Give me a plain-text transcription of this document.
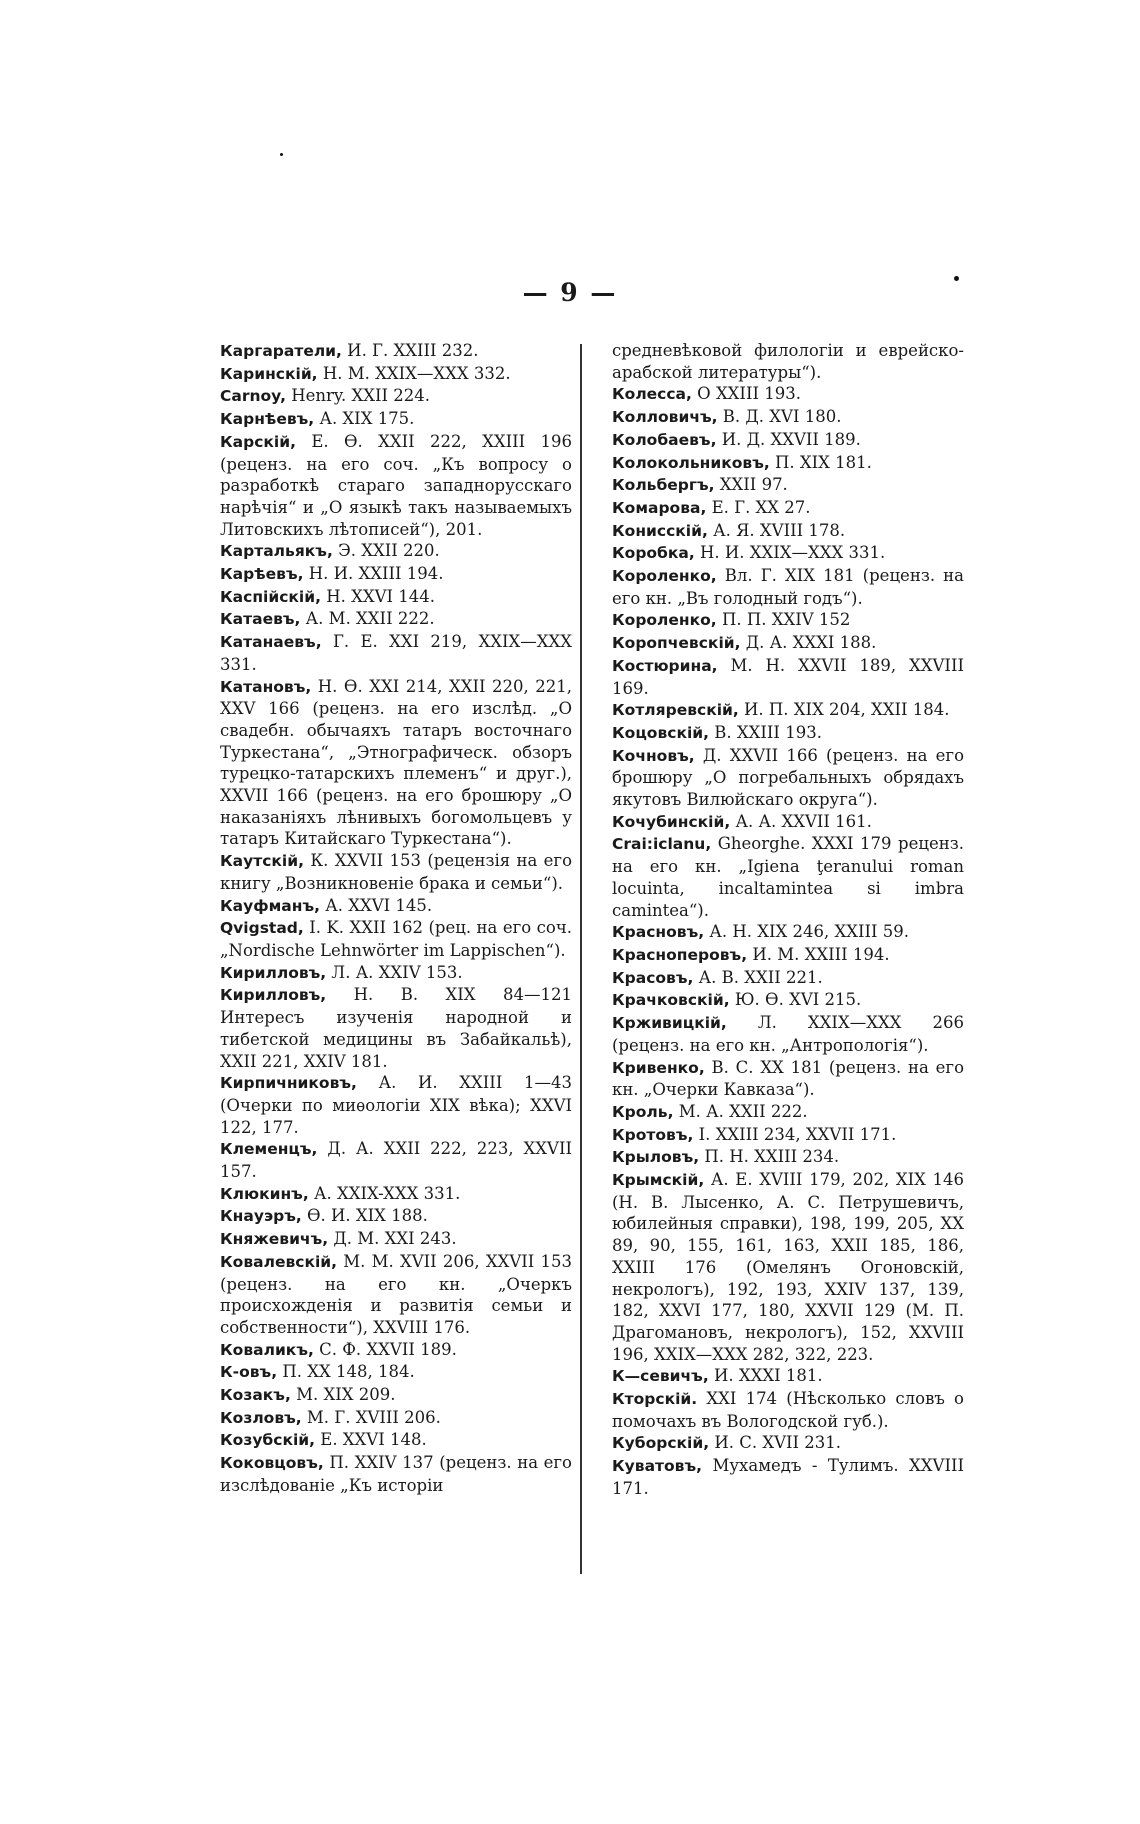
— 9 —

Каргаратели, И. Г. XXIII 232.

Каринскій, Н. М. XXIX—XXX 332.

Carnoy, Henry. XXII 224.

Карнѣевъ, А. XIX 175.

Карскій, Е. Ѳ. XXII 222, XXIII 196 (реценз. на его соч. „Къ вопросу о разработкѣ стараго западнорусскаго нарѣчія“ и „О языкѣ такъ называемыхъ Литовскихъ лѣтописей“), 201.

Картальякъ, Э. XXII 220.

Карѣевъ, Н. И. XXIII 194.

Каспійскій, Н. XXVI 144.

Катаевъ, А. М. XXII 222.

Катанаевъ, Г. Е. XXI 219, XXIX—XXX 331.

Катановъ, Н. Ѳ. XXI 214, XXII 220, 221, XXV 166 (реценз. на его изслѣд. „О свадебн. обычаяхъ татаръ восточнаго Туркестана“, „Этнографическ. обзоръ турецко-татарскихъ племенъ“ и друг.), XXVII 166 (реценз. на его брошюру „О наказаніяхъ лѣнивыхъ богомольцевъ у татаръ Китайскаго Туркестана“).

Каутскій, К. XXVII 153 (рецензія на его книгу „Возникновеніе брака и семьи“).

Кауфманъ, А. XXVI 145.

Qvigstad, I. K. XXII 162 (рец. на его соч. „Nordische Lehnwörter im Lappischen“).

Кирилловъ, Л. А. XXIV 153.

Кирилловъ, Н. В. XIX 84—121 Интересъ изученія народной и тибетской медицины въ Забайкальѣ), XXII 221, XXIV 181.

Кирпичниковъ, А. И. XXIII 1—43 (Очерки по миѳологіи XIX вѣка); XXVI 122, 177.

Клеменцъ, Д. А. XXII 222, 223, XXVII 157.

Клюкинъ, А. XXIX-XXX 331.

Кнауэръ, Ѳ. И. XIX 188.

Княжевичъ, Д. М. XXI 243.

Ковалевскій, М. М. XVII 206, XXVII 153 (реценз. на его кн. „Очеркъ происхожденія и развитія семьи и собственности“), XXVIII 176.

Коваликъ, С. Ф. XXVII 189.

К-овъ, П. XX 148, 184.

Козакъ, М. XIX 209.

Козловъ, М. Г. XVIII 206.

Козубскій, Е. XXVI 148.

Коковцовъ, П. XXIV 137 (реценз. на его изслѣдованіе „Къ исторіи

средневѣковой филологіи и еврейско-арабской литературы“).

Колесса, О XXIII 193.

Колловичъ, В. Д. XVI 180.

Колобаевъ, И. Д. XXVII 189.

Колокольниковъ, П. XIX 181.

Кольбергъ, XXII 97.

Комарова, Е. Г. XX 27.

Конисскій, А. Я. XVIII 178.

Коробка, Н. И. XXIX—XXX 331.

Короленко, Вл. Г. XIX 181 (реценз. на его кн. „Въ голодный годъ“).

Короленко, П. П. XXIV 152

Коропчевскій, Д. А. XXXI 188.

Костюрина, М. Н. XXVII 189, XXVIII 169.

Котляревскій, И. П. XIX 204, XXII 184.

Коцовскій, В. XXIII 193.

Кочновъ, Д. XXVII 166 (реценз. на его брошюру „О погребальныхъ обрядахъ якутовъ Вилюйскаго округа“).

Кочубинскій, А. А. XXVII 161.

Crai:iclanu, Gheorghe. XXXI 179 реценз. на его кн. „Igiena ţeranului roman locuinta, incaltamintea si imbra camintea“).

Красновъ, А. Н. XIX 246, XXIII 59.

Красноперовъ, И. М. XXIII 194.

Красовъ, А. В. XXII 221.

Крачковскій, Ю. Ѳ. XVI 215.

Крживицкій, Л. XXIX—XXX 266 (реценз. на его кн. „Антропологія“).

Кривенко, В. С. XX 181 (реценз. на его кн. „Очерки Кавказа“).

Кроль, М. А. XXII 222.

Кротовъ, І. XXIII 234, XXVII 171.

Крыловъ, П. Н. XXIII 234.

Крымскій, А. Е. XVIII 179, 202, XIX 146 (Н. В. Лысенко, А. С. Петрушевичъ, юбилейныя справки), 198, 199, 205, XX 89, 90, 155, 161, 163, XXII 185, 186, XXIII 176 (Омелянъ Огоновскій, некрологъ), 192, 193, XXIV 137, 139, 182, XXVI 177, 180, XXVII 129 (М. П. Драгомановъ, некрологъ), 152, XXVIII 196, XXIX—XXX 282, 322, 223.

К—севичъ, И. XXXI 181.

Кторскій. XXI 174 (Нѣсколько словъ о помочахъ въ Вологодской губ.).

Куборскій, И. С. XVII 231.

Куватовъ, Мухамедъ - Тулимъ. XXVIII 171.
